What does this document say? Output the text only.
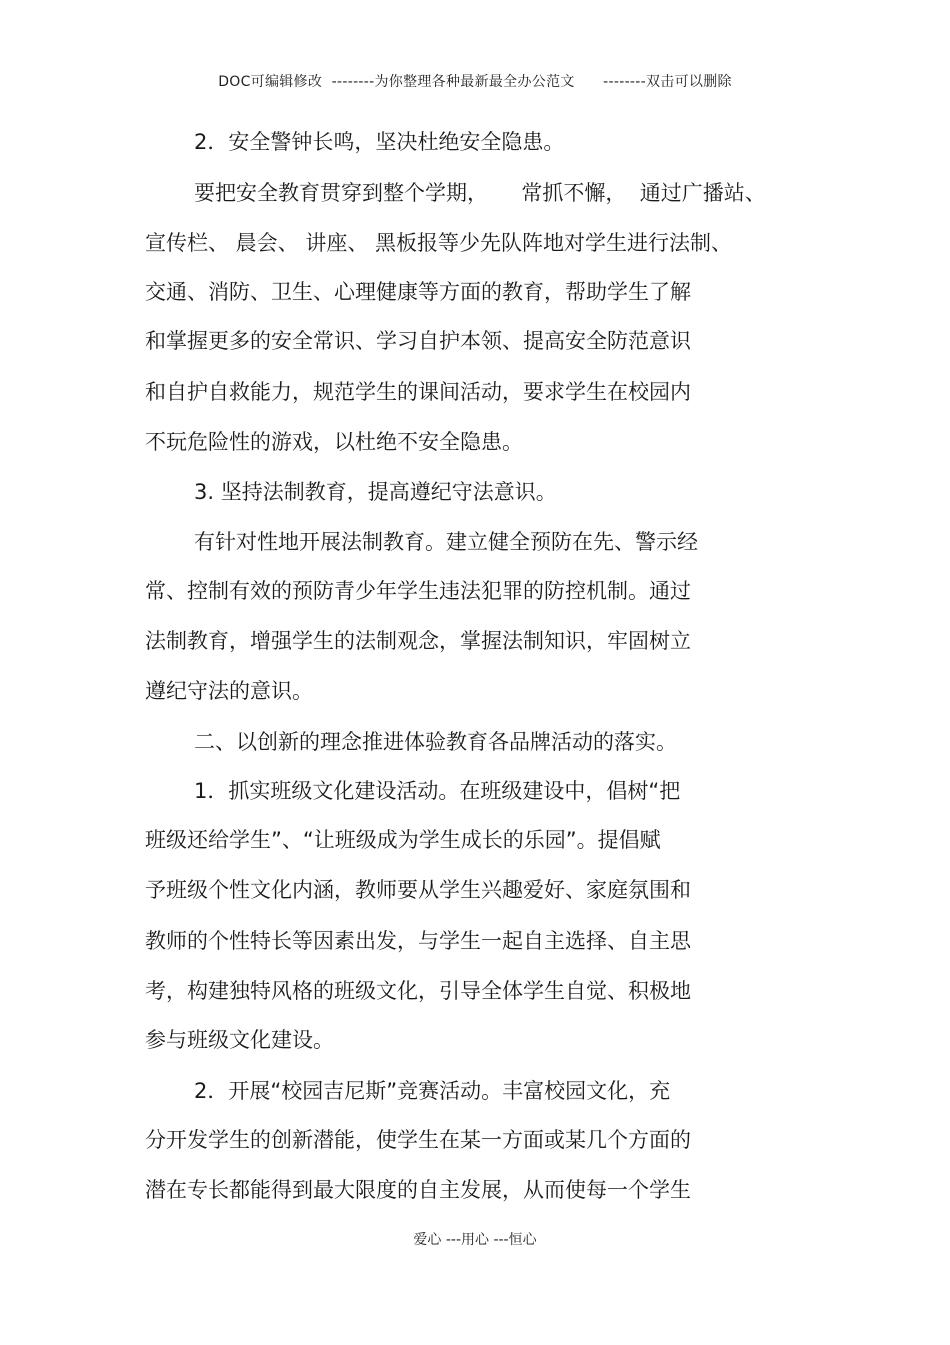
DOC可编辑修改  --------为你整理各种最新最全办公范文      --------双击可以删除
2．安全警钟长鸣，坚决杜绝安全隐患。
要把安全教育贯穿到整个学期，     常抓不懈，  通过广播站、
宣传栏、 晨会、 讲座、 黑板报等少先队阵地对学生进行法制、
交通、消防、卫生、心理健康等方面的教育，帮助学生了解
和掌握更多的安全常识、学习自护本领、提高安全防范意识
和自护自救能力，规范学生的课间活动，要求学生在校园内
不玩危险性的游戏，以杜绝不安全隐患。
3. 坚持法制教育，提高遵纪守法意识。
有针对性地开展法制教育。建立健全预防在先、警示经
常、控制有效的预防青少年学生违法犯罪的防控机制。通过
法制教育，增强学生的法制观念，掌握法制知识，牢固树立
遵纪守法的意识。
二、以创新的理念推进体验教育各品牌活动的落实。
1．抓实班级文化建设活动。在班级建设中，倡树“把
班级还给学生”、“让班级成为学生成长的乐园”。提倡赋
予班级个性文化内涵，教师要从学生兴趣爱好、家庭氛围和
教师的个性特长等因素出发，与学生一起自主选择、自主思
考，构建独特风格的班级文化，引导全体学生自觉、积极地
参与班级文化建设。
2．开展“校园吉尼斯”竞赛活动。丰富校园文化，充
分开发学生的创新潜能，使学生在某一方面或某几个方面的
潜在专长都能得到最大限度的自主发展，从而使每一个学生
爱心 ---用心 ---恒心
